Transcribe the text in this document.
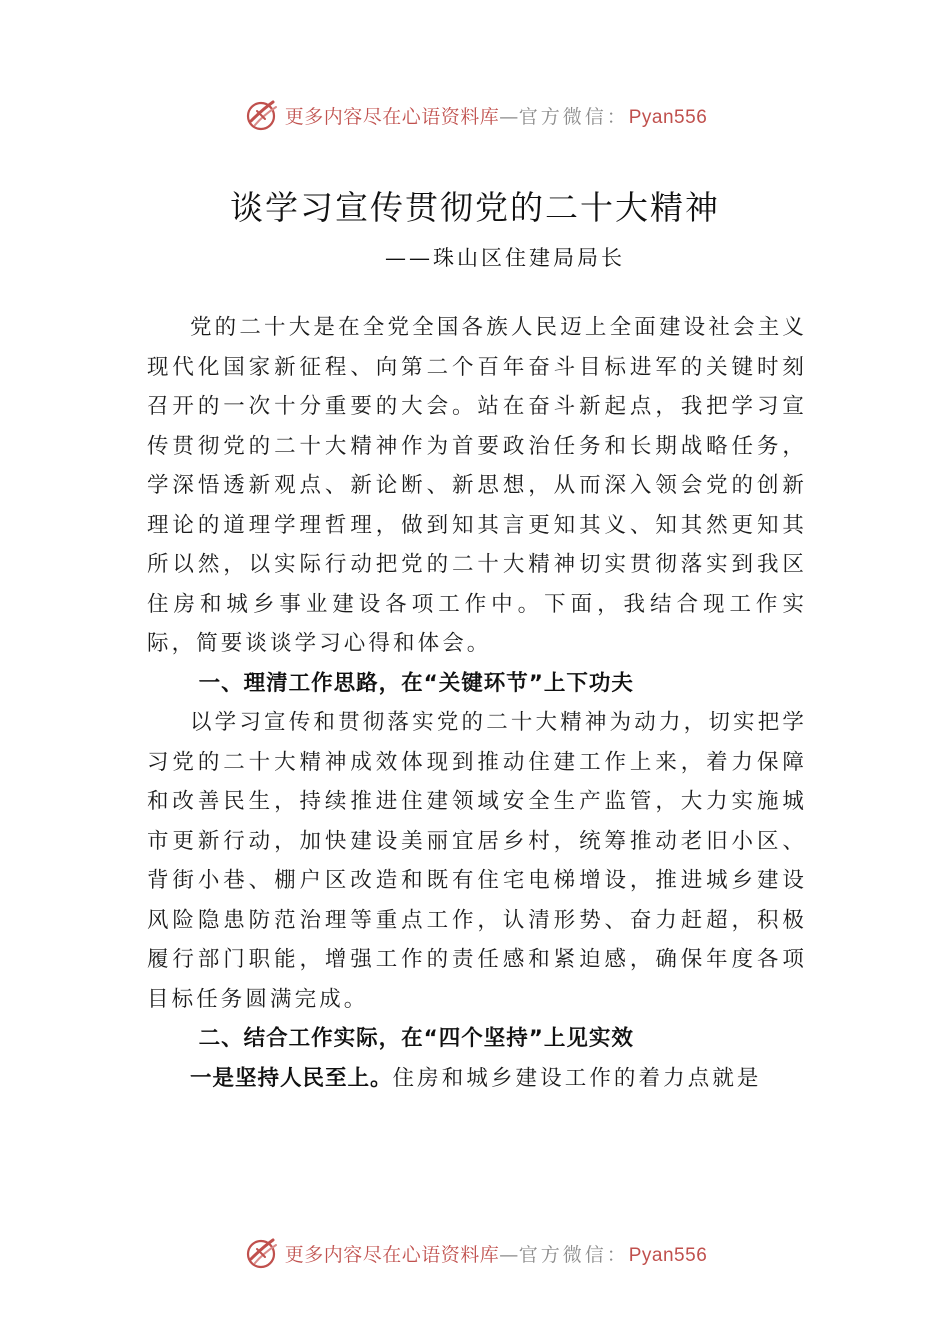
更多内容尽在心语资料库—官方微信：Pyan556
谈学习宣传贯彻党的二十大精神
——珠山区住建局局长

党的二十大是在全党全国各族人民迈上全面建设社会主义现代化国家新征程、向第二个百年奋斗目标进军的关键时刻召开的一次十分重要的大会。站在奋斗新起点，我把学习宣传贯彻党的二十大精神作为首要政治任务和长期战略任务，学深悟透新观点、新论断、新思想，从而深入领会党的创新理论的道理学理哲理，做到知其言更知其义、知其然更知其所以然，以实际行动把党的二十大精神切实贯彻落实到我区住房和城乡事业建设各项工作中。下面，我结合现工作实际，简要谈谈学习心得和体会。

一、理清工作思路，在“关键环节”上下功夫

以学习宣传和贯彻落实党的二十大精神为动力，切实把学习党的二十大精神成效体现到推动住建工作上来，着力保障和改善民生，持续推进住建领域安全生产监管，大力实施城市更新行动，加快建设美丽宜居乡村，统筹推动老旧小区、背街小巷、棚户区改造和既有住宅电梯增设，推进城乡建设风险隐患防范治理等重点工作，认清形势、奋力赶超，积极履行部门职能，增强工作的责任感和紧迫感，确保年度各项目标任务圆满完成。

二、结合工作实际，在“四个坚持”上见实效

一是坚持人民至上。住房和城乡建设工作的着力点就是

更多内容尽在心语资料库—官方微信：Pyan556
